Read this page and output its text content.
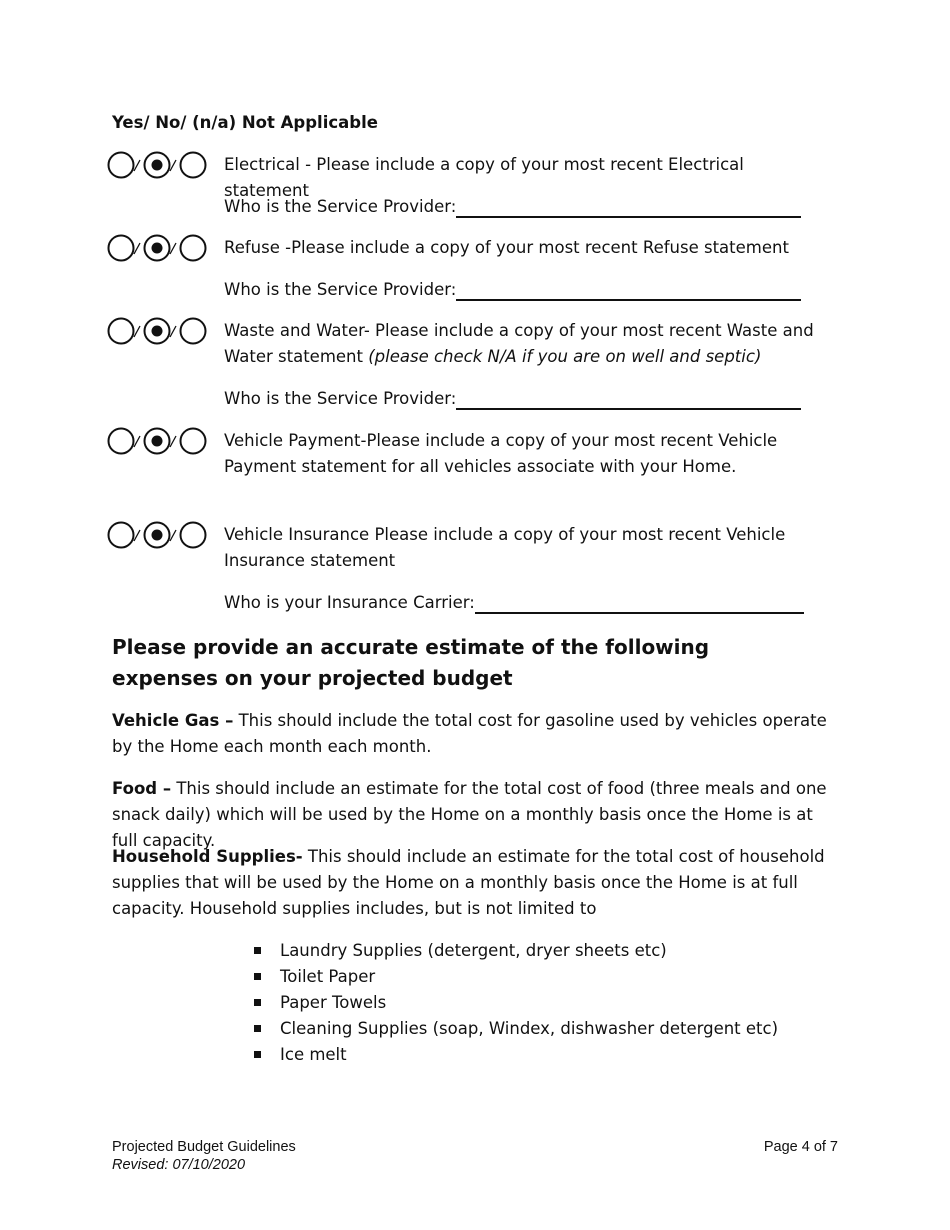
Yes/ No/ (n/a) Not Applicable
Electrical - Please include a copy of your most recent Electrical statement
Who is the Service Provider:
Refuse -Please include a copy of your most recent Refuse statement
Who is the Service Provider:
Waste and Water- Please include a copy of your most recent Waste and Water statement (please check N/A if you are on well and septic)
Who is the Service Provider:
Vehicle Payment-Please include a copy of your most recent Vehicle Payment statement for all vehicles associate with your Home.
Vehicle Insurance Please include a copy of your most recent Vehicle Insurance statement
Who is your Insurance Carrier:
Please provide an accurate estimate of the following expenses on your projected budget
Vehicle Gas – This should include the total cost for gasoline used by vehicles operate by the Home each month each month.
Food – This should include an estimate for the total cost of food (three meals and one snack daily) which will be used by the Home on a monthly basis once the Home is at full capacity.
Household Supplies- This should include an estimate for the total cost of household supplies that will be used by the Home on a monthly basis once the Home is at full capacity. Household supplies includes, but is not limited to
Laundry Supplies (detergent, dryer sheets etc)
Toilet Paper
Paper Towels
Cleaning Supplies (soap, Windex, dishwasher detergent etc)
Ice melt
Projected Budget Guidelines
Revised: 07/10/2020
Page 4 of 7
